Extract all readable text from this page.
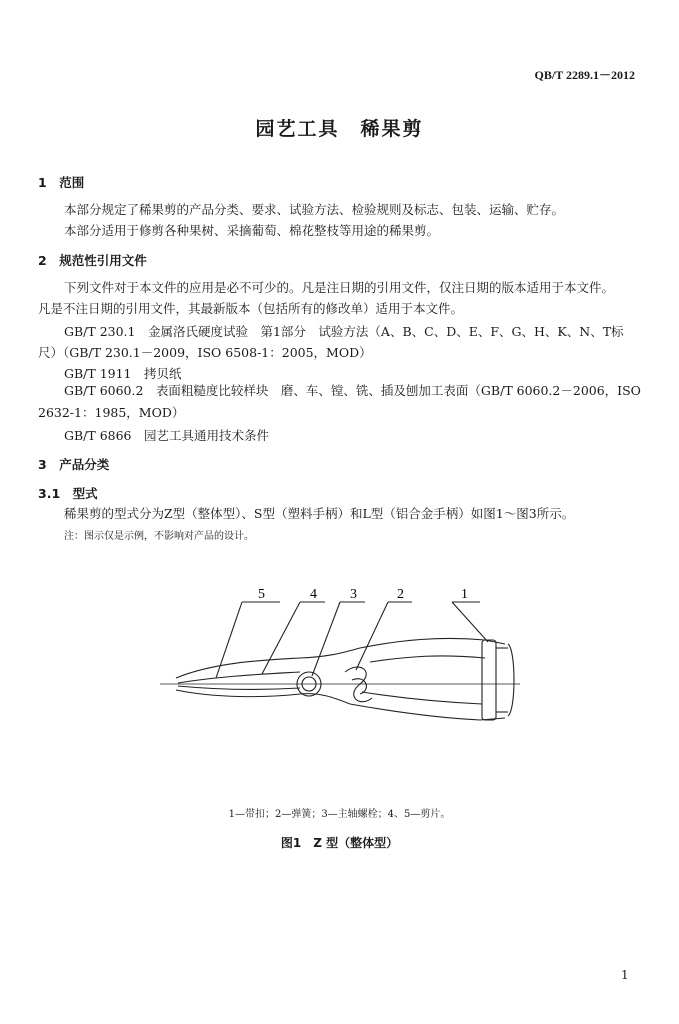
QB/T 2289.1－2012
园艺工具　稀果剪
1　范围
本部分规定了稀果剪的产品分类、要求、试验方法、检验规则及标志、包装、运输、贮存。
本部分适用于修剪各种果树、采摘葡萄、棉花整枝等用途的稀果剪。
2　规范性引用文件
下列文件对于本文件的应用是必不可少的。凡是注日期的引用文件，仅注日期的版本适用于本文件。
凡是不注日期的引用文件，其最新版本（包括所有的修改单）适用于本文件。
GB/T 230.1　金属洛氏硬度试验　第1部分　试验方法（A、B、C、D、E、F、G、H、K、N、T标
尺）（GB/T 230.1－2009，ISO 6508-1：2005，MOD）
GB/T 1911　拷贝纸
GB/T 6060.2　表面粗糙度比较样块　磨、车、镗、铣、插及刨加工表面（GB/T 6060.2－2006，ISO
2632-1：1985，MOD）
GB/T 6866　园艺工具通用技术条件
3　产品分类
3.1　型式
稀果剪的型式分为Z型（整体型）、S型（塑料手柄）和L型（铝合金手柄）如图1～图3所示。
注：图示仅是示例，不影响对产品的设计。
5	4 3	2	1
1—带扣；2—弹簧；3—主轴螺栓；4、5—剪片。
图1　Z 型（整体型）
1
